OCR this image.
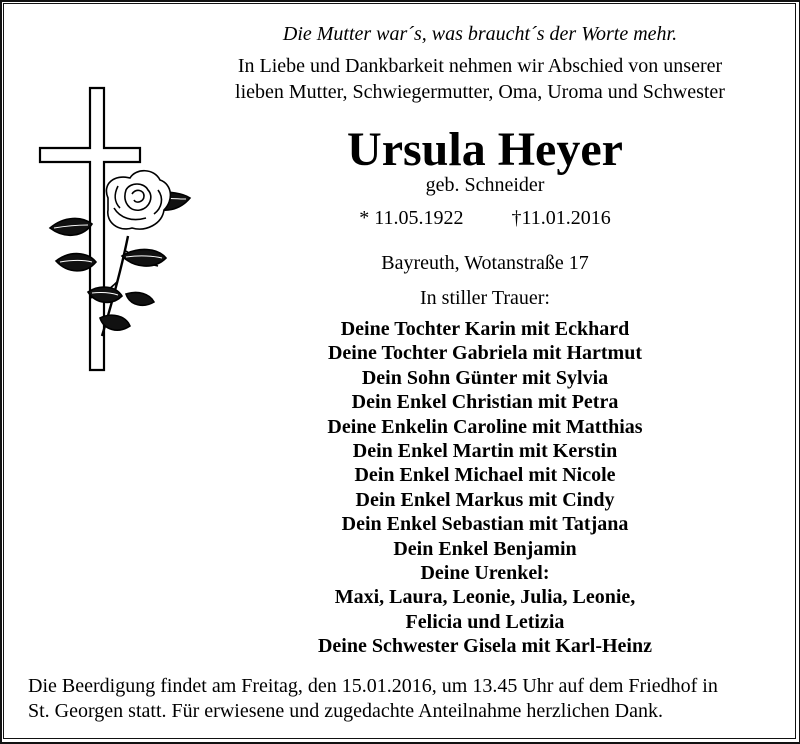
Die Mutter war´s, was braucht´s der Worte mehr.
In Liebe und Dankbarkeit nehmen wir Abschied von unserer
lieben Mutter, Schwiegermutter, Oma, Uroma und Schwester
Ursula Heyer
geb. Schneider
* 11.05.1922 †11.01.2016
Bayreuth, Wotanstraße 17
In stiller Trauer:
Deine Tochter Karin mit Eckhard
Deine Tochter Gabriela mit Hartmut
Dein Sohn Günter mit Sylvia
Dein Enkel Christian mit Petra
Deine Enkelin Caroline mit Matthias
Dein Enkel Martin mit Kerstin
Dein Enkel Michael mit Nicole
Dein Enkel Markus mit Cindy
Dein Enkel Sebastian mit Tatjana
Dein Enkel Benjamin
Deine Urenkel:
Maxi, Laura, Leonie, Julia, Leonie,
Felicia und Letizia
Deine Schwester Gisela mit Karl-Heinz
Die Beerdigung findet am Freitag, den 15.01.2016, um 13.45 Uhr auf dem Friedhof in
St. Georgen statt. Für erwiesene und zugedachte Anteilnahme herzlichen Dank.
